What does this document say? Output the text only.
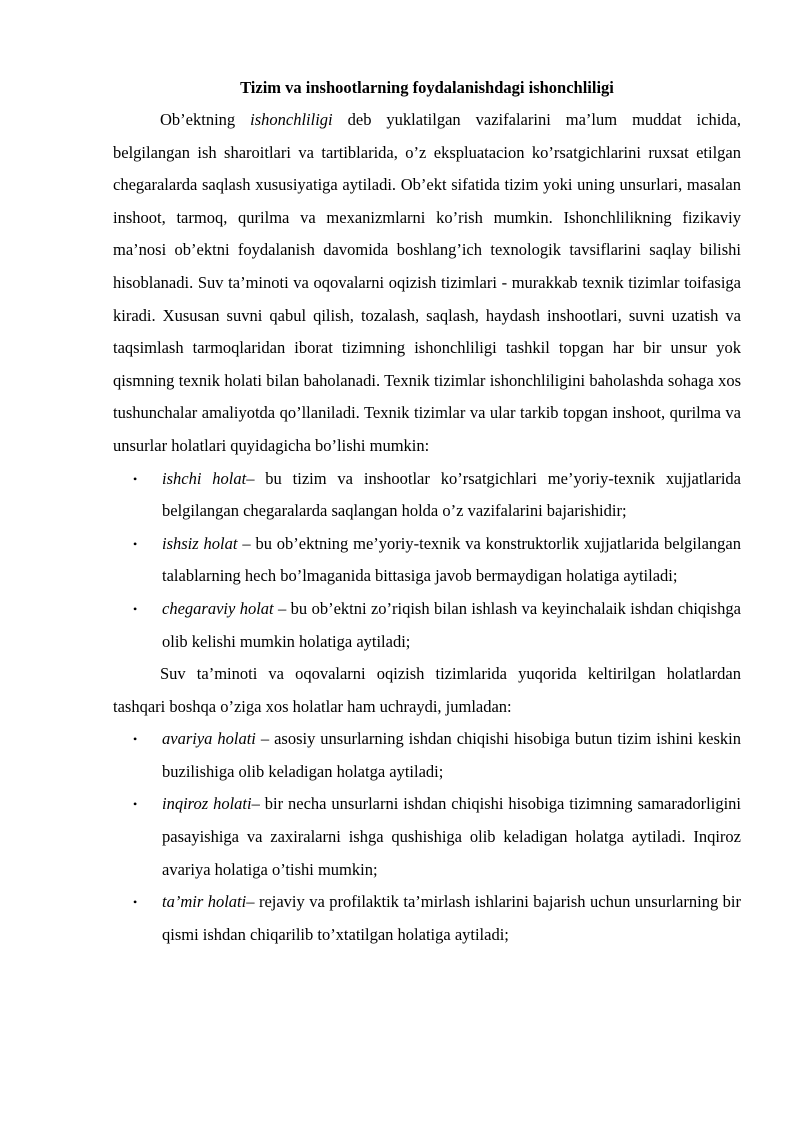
Tizim va inshootlarning foydalanishdagi ishonchliligi

Ob’ektning ishonchliligi deb yuklatilgan vazifalarini ma’lum muddat ichida, belgilangan ish sharoitlari va tartiblarida, o’z ekspluatacion ko’rsatgichlarini ruxsat etilgan chegaralarda saqlash xususiyatiga aytiladi. Ob’ekt sifatida tizim yoki uning unsurlari, masalan inshoot, tarmoq, qurilma va mexanizmlarni ko’rish mumkin. Ishonchlilikning fizikaviy ma’nosi ob’ektni foydalanish davomida boshlang’ich texnologik tavsiflarini saqlay bilishi hisoblanadi. Suv ta’minoti va oqovalarni oqizish tizimlari - murakkab texnik tizimlar toifasiga kiradi. Xususan suvni qabul qilish, tozalash, saqlash, haydash inshootlari, suvni uzatish va taqsimlash tarmoqlaridan iborat tizimning ishonchliligi tashkil topgan har bir unsur yok qismning texnik holati bilan baholanadi. Texnik tizimlar ishonchliligini baholashda sohaga xos tushunchalar amaliyotda qo’llaniladi. Texnik tizimlar va ular tarkib topgan inshoot, qurilma va unsurlar holatlari quyidagicha bo’lishi mumkin:

• ishchi holat– bu tizim va inshootlar ko’rsatgichlari me’yoriy-texnik xujjatlarida belgilangan chegaralarda saqlangan holda o’z vazifalarini bajarishidir;
• ishsiz holat – bu ob’ektning me’yoriy-texnik va konstruktorlik xujjatlarida belgilangan talablarning hech bo’lmaganida bittasiga javob bermaydigan holatiga aytiladi;
• chegaraviy holat – bu ob’ektni zo’riqish bilan ishlash va keyinchalaik ishdan chiqishga olib kelishi mumkin holatiga aytiladi;

Suv ta’minoti va oqovalarni oqizish tizimlarida yuqorida keltirilgan holatlardan tashqari boshqa o’ziga xos holatlar ham uchraydi, jumladan:

• avariya holati – asosiy unsurlarning ishdan chiqishi hisobiga butun tizim ishini keskin buzilishiga olib keladigan holatga aytiladi;
• inqiroz holati– bir necha unsurlarni ishdan chiqishi hisobiga tizimning samaradorligini pasayishiga va zaxiralarni ishga qushishiga olib keladigan holatga aytiladi. Inqiroz avariya holatiga o’tishi mumkin;
• ta’mir holati– rejaviy va profilaktik ta’mirlash ishlarini bajarish uchun unsurlarning bir qismi ishdan chiqarilib to’xtatilgan holatiga aytiladi;
